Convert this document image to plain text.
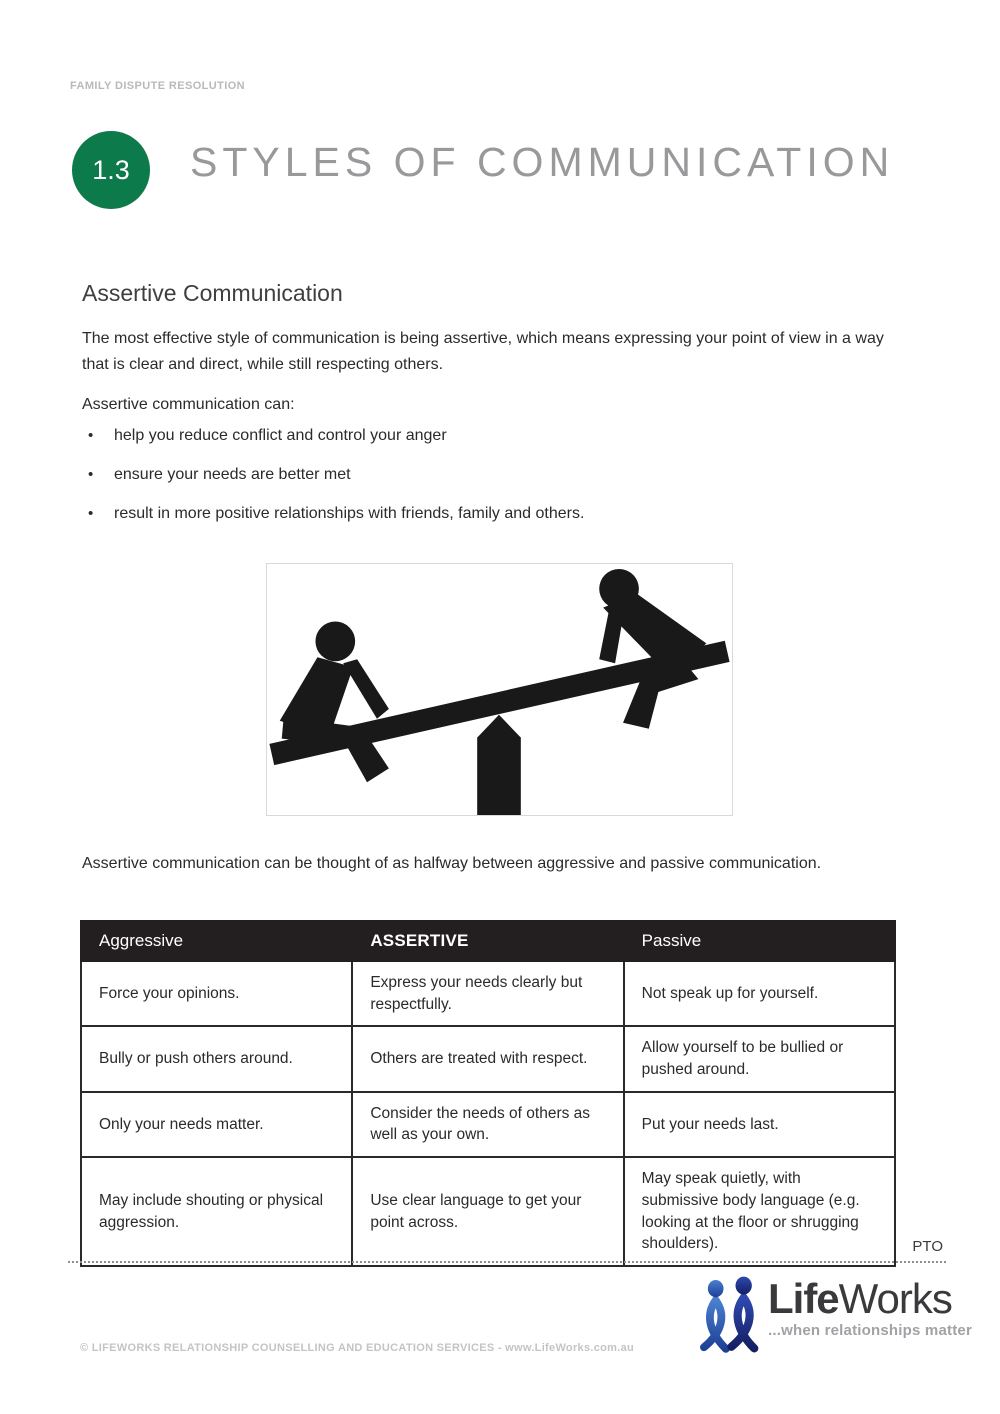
FAMILY DISPUTE RESOLUTION
1.3 STYLES OF COMMUNICATION
Assertive Communication

The most effective style of communication is being assertive, which means expressing your point of view in a way that is clear and direct, while still respecting others.

Assertive communication can:

• help you reduce conflict and control your anger
• ensure your needs are better met
• result in more positive relationships with friends, family and others.

Assertive communication can be thought of as halfway between aggressive and passive communication.

Aggressive	ASSERTIVE	Passive
Force your opinions.	Express your needs clearly but respectfully.	Not speak up for yourself.
Bully or push others around.	Others are treated with respect.	Allow yourself to be bullied or pushed around.
Only your needs matter.	Consider the needs of others as well as your own.	Put your needs last.
May include shouting or physical aggression.	Use clear language to get your point across.	May speak quietly, with submissive body language (e.g. looking at the floor or shrugging shoulders).	PTO
LifeWorks
...when relationships matter
© LIFEWORKS RELATIONSHIP COUNSELLING AND EDUCATION SERVICES - www.LifeWorks.com.au
